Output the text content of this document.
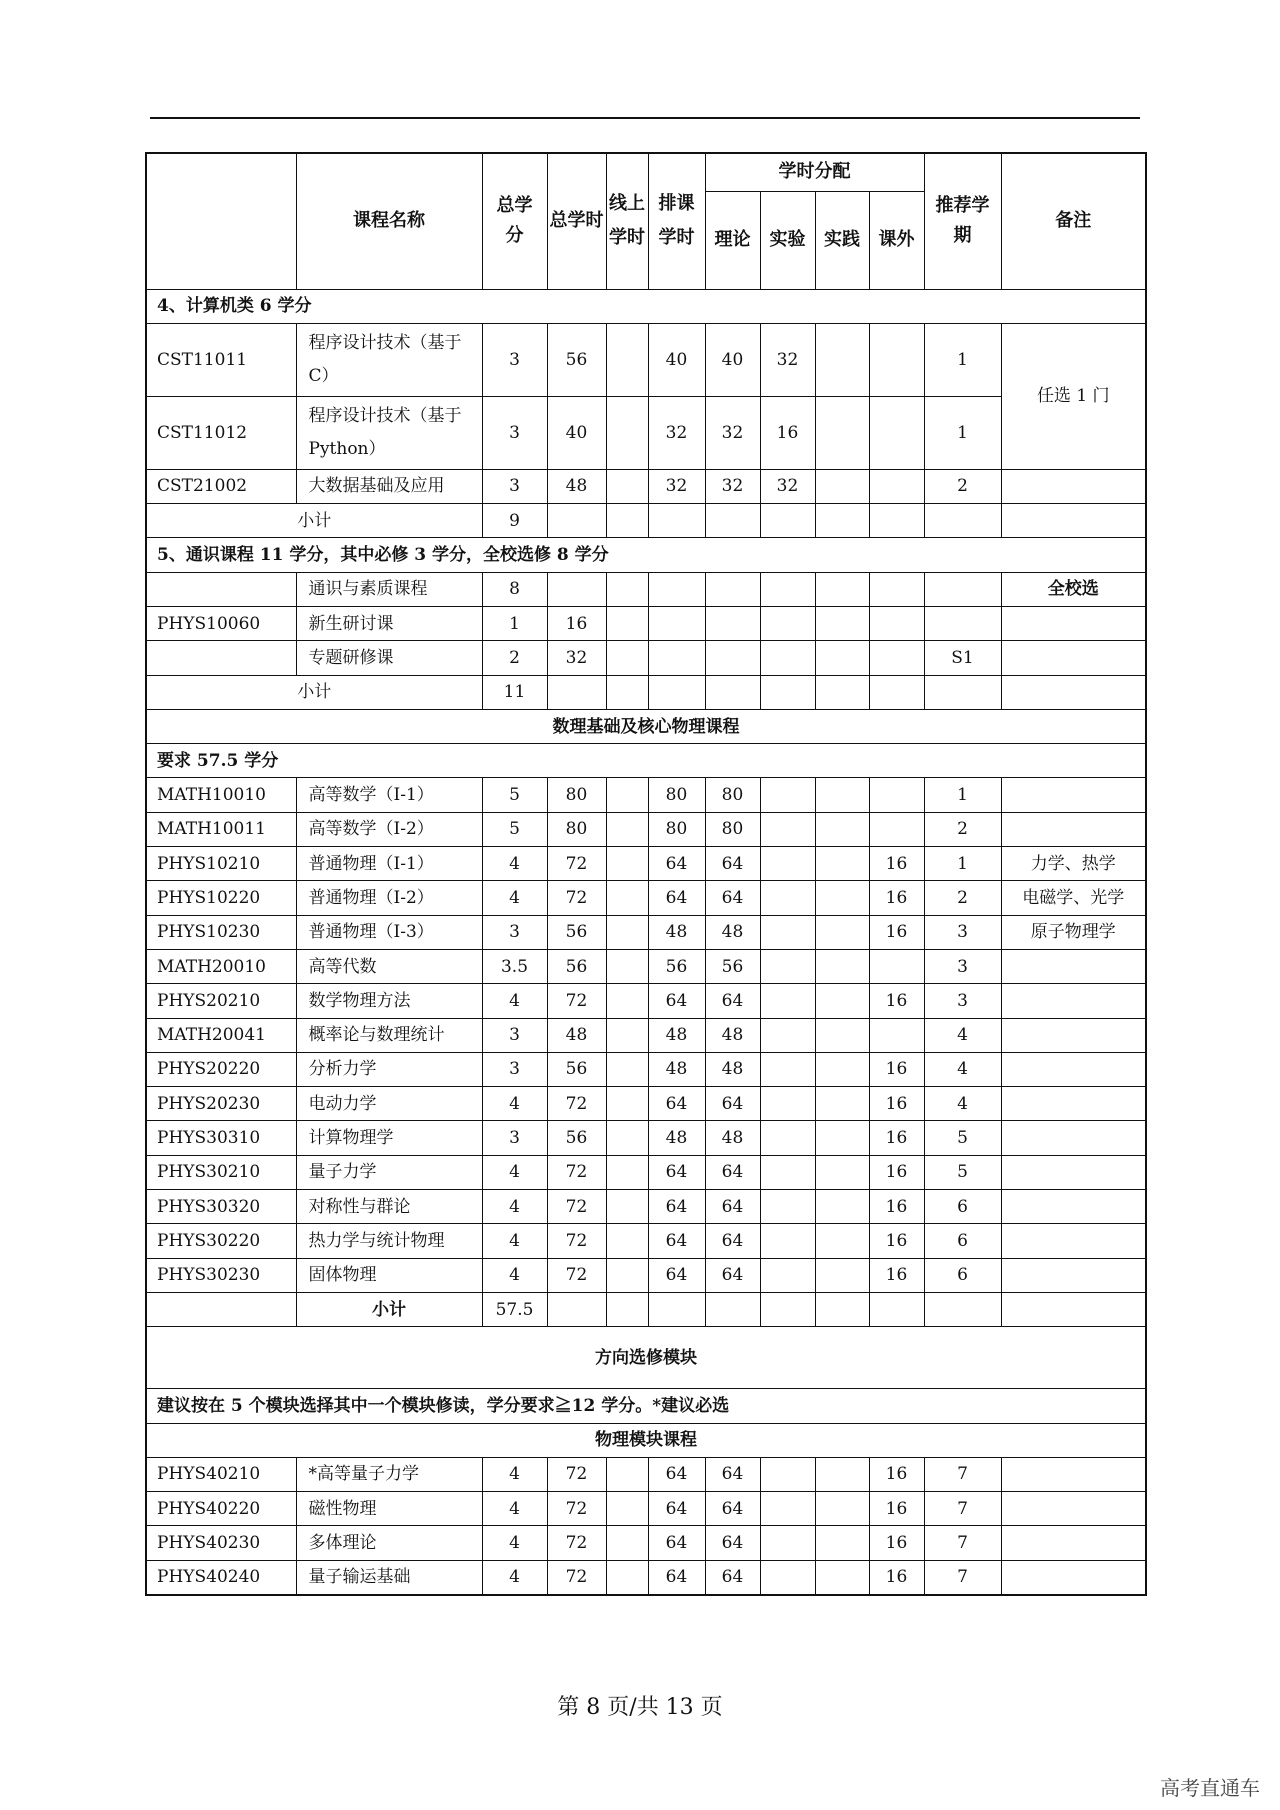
	课程名称	总学分	总学时	线上学时	排课学时	学时分配				推荐学期	备注
						理论	实验	实践	课外		
4、计算机类 6 学分											
CST11011	程序设计技术（基于 C）	3	56		40	40	32			1	任选 1 门
CST11012	程序设计技术（基于 Python）	3	40		32	32	16			1	
CST21002	大数据基础及应用	3	48		32	32	32			2	
小计		9									
5、通识课程 11 学分，其中必修 3 学分，全校选修 8 学分											
	通识与素质课程	8									全校选
PHYS10060	新生研讨课	1	16								
	专题研修课	2	32							S1	
小计		11									
数理基础及核心物理课程											
要求 57.5 学分											
MATH10010	高等数学（I-1）	5	80		80	80				1	
MATH10011	高等数学（I-2）	5	80		80	80				2	
PHYS10210	普通物理（I-1）	4	72		64	64			16	1	力学、热学
PHYS10220	普通物理（I-2）	4	72		64	64			16	2	电磁学、光学
PHYS10230	普通物理（I-3）	3	56		48	48			16	3	原子物理学
MATH20010	高等代数	3.5	56		56	56				3	
PHYS20210	数学物理方法	4	72		64	64			16	3	
MATH20041	概率论与数理统计	3	48		48	48				4	
PHYS20220	分析力学	3	56		48	48			16	4	
PHYS20230	电动力学	4	72		64	64			16	4	
PHYS30310	计算物理学	3	56		48	48			16	5	
PHYS30210	量子力学	4	72		64	64			16	5	
PHYS30320	对称性与群论	4	72		64	64			16	6	
PHYS30220	热力学与统计物理	4	72		64	64			16	6	
PHYS30230	固体物理	4	72		64	64			16	6	
	小计	57.5									
方向选修模块											
建议按在 5 个模块选择其中一个模块修读，学分要求≧12 学分。*建议必选											
物理模块课程											
PHYS40210	*高等量子力学	4	72		64	64			16	7	
PHYS40220	磁性物理	4	72		64	64			16	7	
PHYS40230	多体理论	4	72		64	64			16	7	
PHYS40240	量子输运基础	4	72		64	64			16	7	
第 8 页/共 13 页
高考直通车
